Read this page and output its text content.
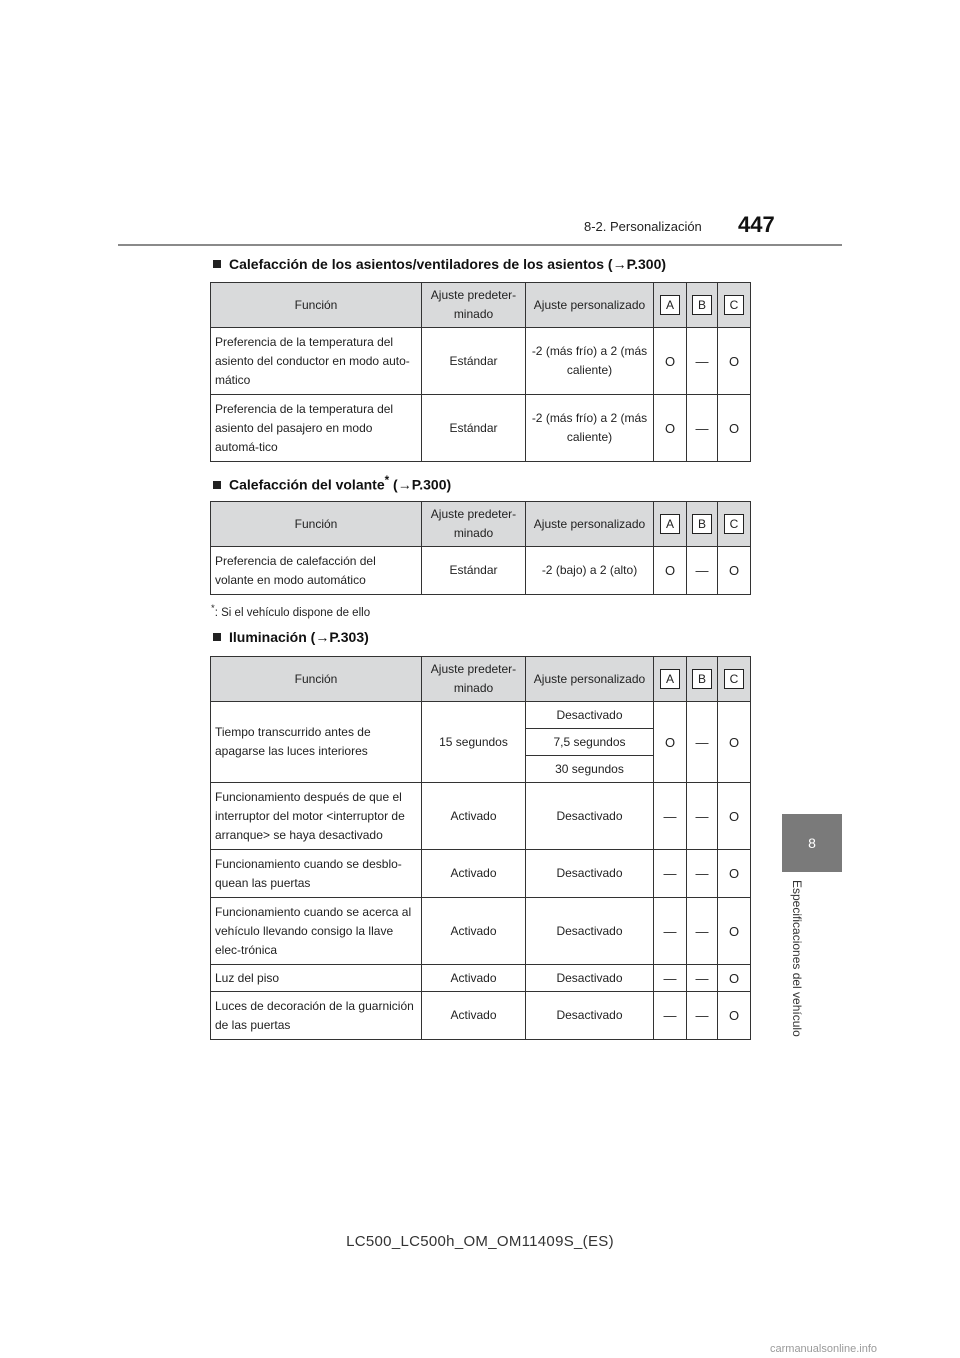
8-2. Personalización 447
8
Especificaciones del vehículo
Calefacción de los asientos/ventiladores de los asientos (→P.300)
Función	Ajuste predeter-minado	Ajuste personalizado	A	B	C
Preferencia de la temperatura del asiento del conductor en modo auto-mático	Estándar	-2 (más frío) a 2 (más caliente)	O	—	O
Preferencia de la temperatura del asiento del pasajero en modo automá-tico	Estándar	-2 (más frío) a 2 (más caliente)	O	—	O
Calefacción del volante* (→P.300)
Función	Ajuste predeter-minado	Ajuste personalizado	A	B	C
Preferencia de calefacción del volante en modo automático	Estándar	-2 (bajo) a 2 (alto)	O	—	O
*: Si el vehículo dispone de ello
Iluminación (→P.303)
Función	Ajuste predeter-minado	Ajuste personalizado	A	B	C
Tiempo transcurrido antes de apagarse las luces interiores	15 segundos	Desactivado	O	—	O
		7,5 segundos			
		30 segundos			
Funcionamiento después de que el interruptor del motor <interruptor de arranque> se haya desactivado	Activado	Desactivado	—	—	O
Funcionamiento cuando se desblo-quean las puertas	Activado	Desactivado	—	—	O
Funcionamiento cuando se acerca al vehículo llevando consigo la llave elec-trónica	Activado	Desactivado	—	—	O
Luz del piso	Activado	Desactivado	—	—	O
Luces de decoración de la guarnición de las puertas	Activado	Desactivado	—	—	O
LC500_LC500h_OM_OM11409S_(ES)
carmanualsonline.info
